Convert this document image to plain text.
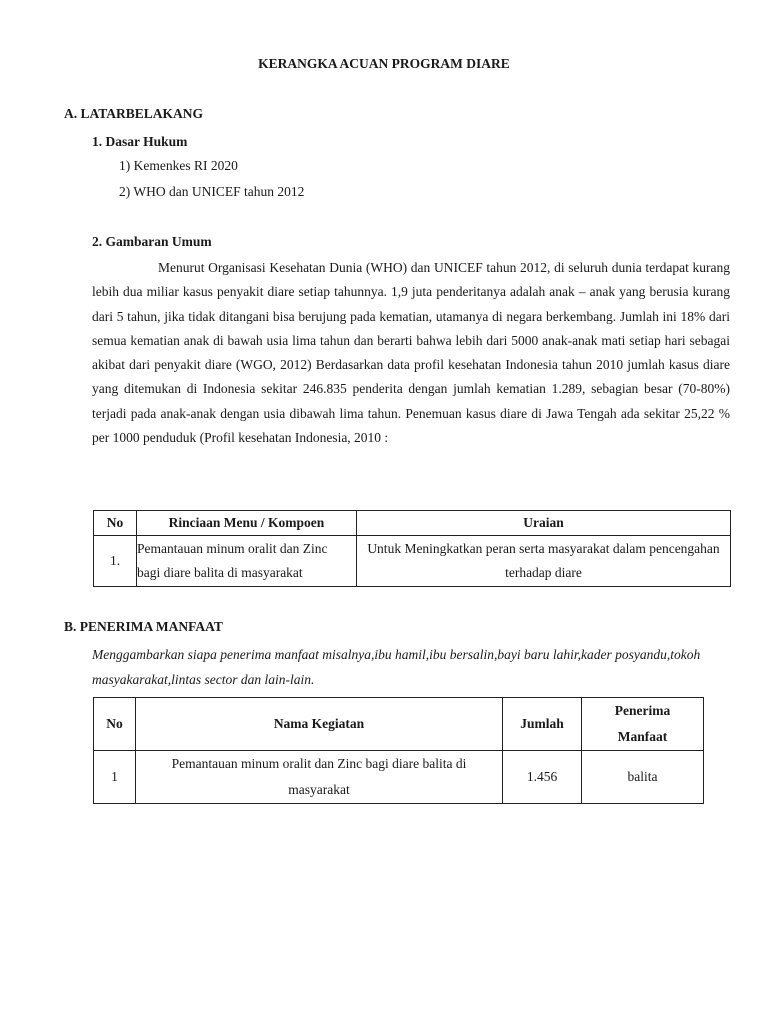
KERANGKA ACUAN PROGRAM DIARE
A. LATARBELAKANG
1. Dasar Hukum
1) Kemenkes RI 2020
2) WHO dan UNICEF tahun 2012
2. Gambaran Umum
Menurut Organisasi Kesehatan Dunia (WHO) dan UNICEF tahun 2012, di seluruh dunia terdapat kurang lebih dua miliar kasus penyakit diare setiap tahunnya. 1,9 juta penderitanya adalah anak – anak yang berusia kurang dari 5 tahun, jika tidak ditangani bisa berujung pada kematian, utamanya di negara berkembang. Jumlah ini 18% dari semua kematian anak di bawah usia lima tahun dan berarti bahwa lebih dari 5000 anak-anak mati setiap hari sebagai akibat dari penyakit diare (WGO, 2012) Berdasarkan data profil kesehatan Indonesia tahun 2010 jumlah kasus diare yang ditemukan di Indonesia sekitar 246.835 penderita dengan jumlah kematian 1.289, sebagian besar (70-80%) terjadi pada anak-anak dengan usia dibawah lima tahun. Penemuan kasus diare di Jawa Tengah ada sekitar 25,22 % per 1000 penduduk (Profil kesehatan Indonesia, 2010 :
No	Rinciaan Menu / Kompoen	Uraian
1.	Pemantauan minum oralit dan Zinc bagi diare balita di masyarakat	Untuk Meningkatkan peran serta masyarakat dalam pencengahan terhadap diare
B. PENERIMA MANFAAT
Menggambarkan siapa penerima manfaat misalnya,ibu hamil,ibu bersalin,bayi baru lahir,kader posyandu,tokoh masyakarakat,lintas sector dan lain-lain.
No	Nama Kegiatan	Jumlah	Penerima Manfaat
1	Pemantauan minum oralit dan Zinc bagi diare balita di masyarakat	1.456	balita
